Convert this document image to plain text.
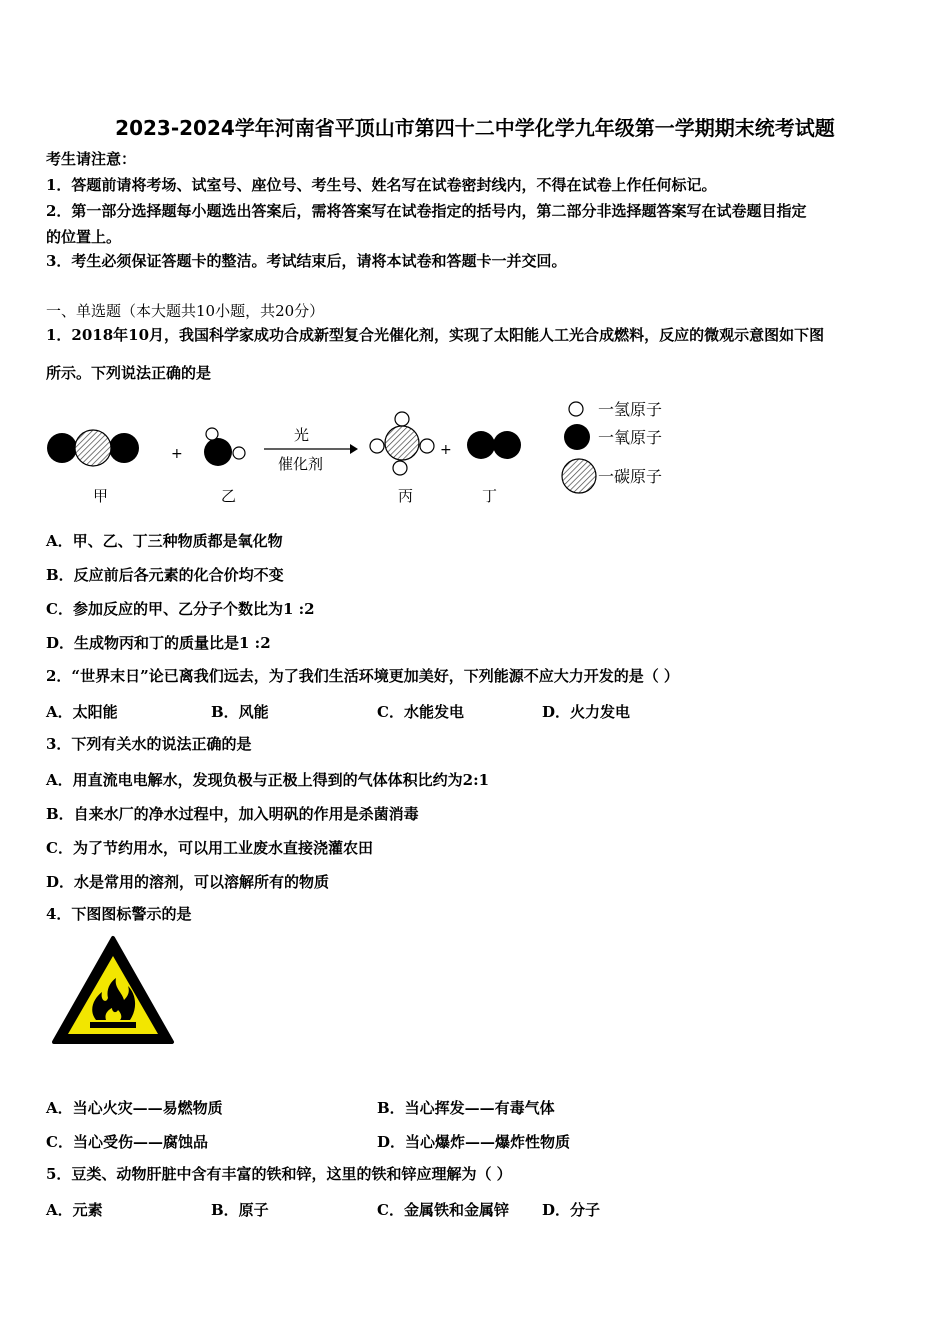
2023-2024学年河南省平顶山市第四十二中学化学九年级第一学期期末统考试题
考生请注意：
1．答题前请将考场、试室号、座位号、考生号、姓名写在试卷密封线内，不得在试卷上作任何标记。
2．第一部分选择题每小题选出答案后，需将答案写在试卷指定的括号内，第二部分非选择题答案写在试卷题目指定
的位置上。
3．考生必须保证答题卡的整洁。考试结束后，请将本试卷和答题卡一并交回。
一、单选题（本大题共10小题，共20分）
1．2018年10月，我国科学家成功合成新型复合光催化剂，实现了太阳能人工光合成燃料，反应的微观示意图如下图
所示。下列说法正确的是
+
光
催化剂
+
甲	乙	丙	丁
一氢原子
一氧原子
一碳原子
A．甲、乙、丁三种物质都是氧化物
B．反应前后各元素的化合价均不变
C．参加反应的甲、乙分子个数比为1 :2
D．生成物丙和丁的质量比是1 :2
2．“世界末日”论已离我们远去，为了我们生活环境更加美好，下列能源不应大力开发的是（ ）
A．太阳能	B．风能	C．水能发电	D．火力发电
3．下列有关水的说法正确的是
A．用直流电电解水，发现负极与正极上得到的气体体积比约为2:1
B．自来水厂的净水过程中，加入明矾的作用是杀菌消毒
C．为了节约用水，可以用工业废水直接浇灌农田
D．水是常用的溶剂，可以溶解所有的物质
4．下图图标警示的是
A．当心火灾——易燃物质	B．当心挥发——有毒气体
C．当心受伤——腐蚀品	D．当心爆炸——爆炸性物质
5．豆类、动物肝脏中含有丰富的铁和锌，这里的铁和锌应理解为（ ）
A．元素	B．原子	C．金属铁和金属锌 D．分子
